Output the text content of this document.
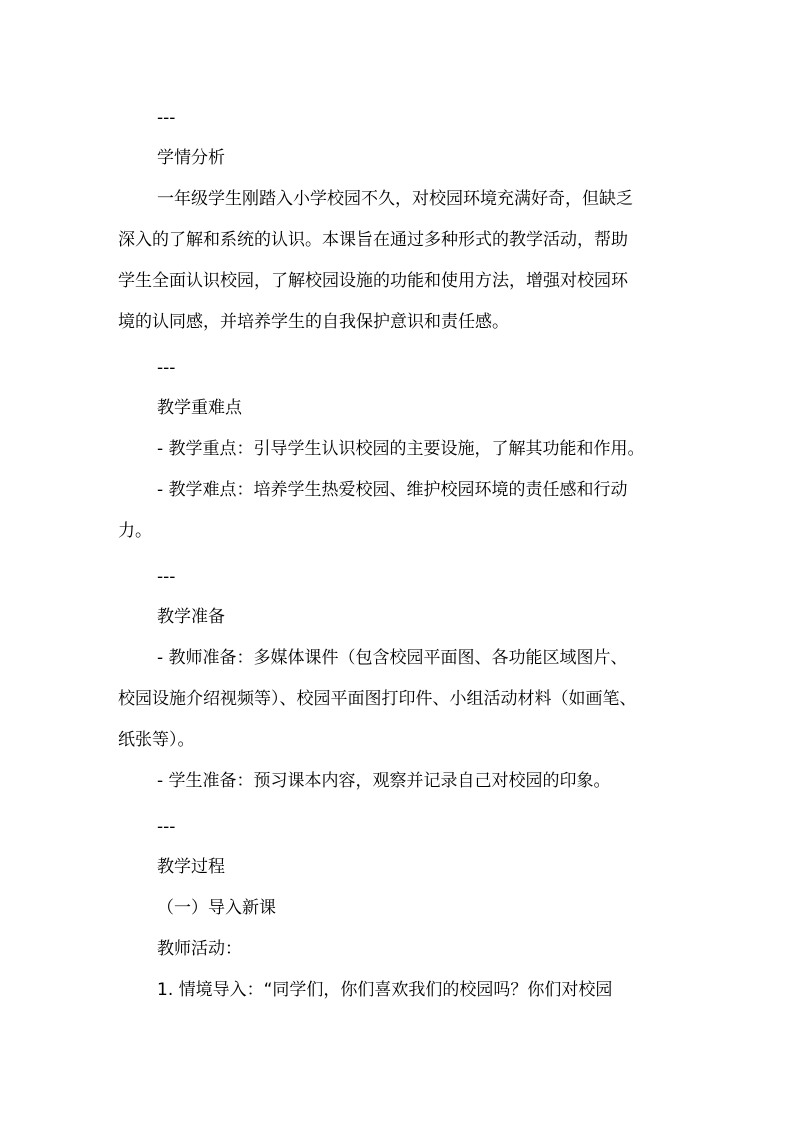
---
学情分析
一年级学生刚踏入小学校园不久，对校园环境充满好奇，但缺乏
深入的了解和系统的认识。本课旨在通过多种形式的教学活动，帮助
学生全面认识校园，了解校园设施的功能和使用方法，增强对校园环
境的认同感，并培养学生的自我保护意识和责任感。
---
教学重难点
- 教学重点：引导学生认识校园的主要设施，了解其功能和作用。
- 教学难点：培养学生热爱校园、维护校园环境的责任感和行动
力。
---
教学准备
- 教师准备：多媒体课件（包含校园平面图、各功能区域图片、
校园设施介绍视频等）、校园平面图打印件、小组活动材料（如画笔、
纸张等）。
- 学生准备：预习课本内容，观察并记录自己对校园的印象。
---
教学过程
（一）导入新课
教师活动：
1. 情境导入：“同学们，你们喜欢我们的校园吗？你们对校园
